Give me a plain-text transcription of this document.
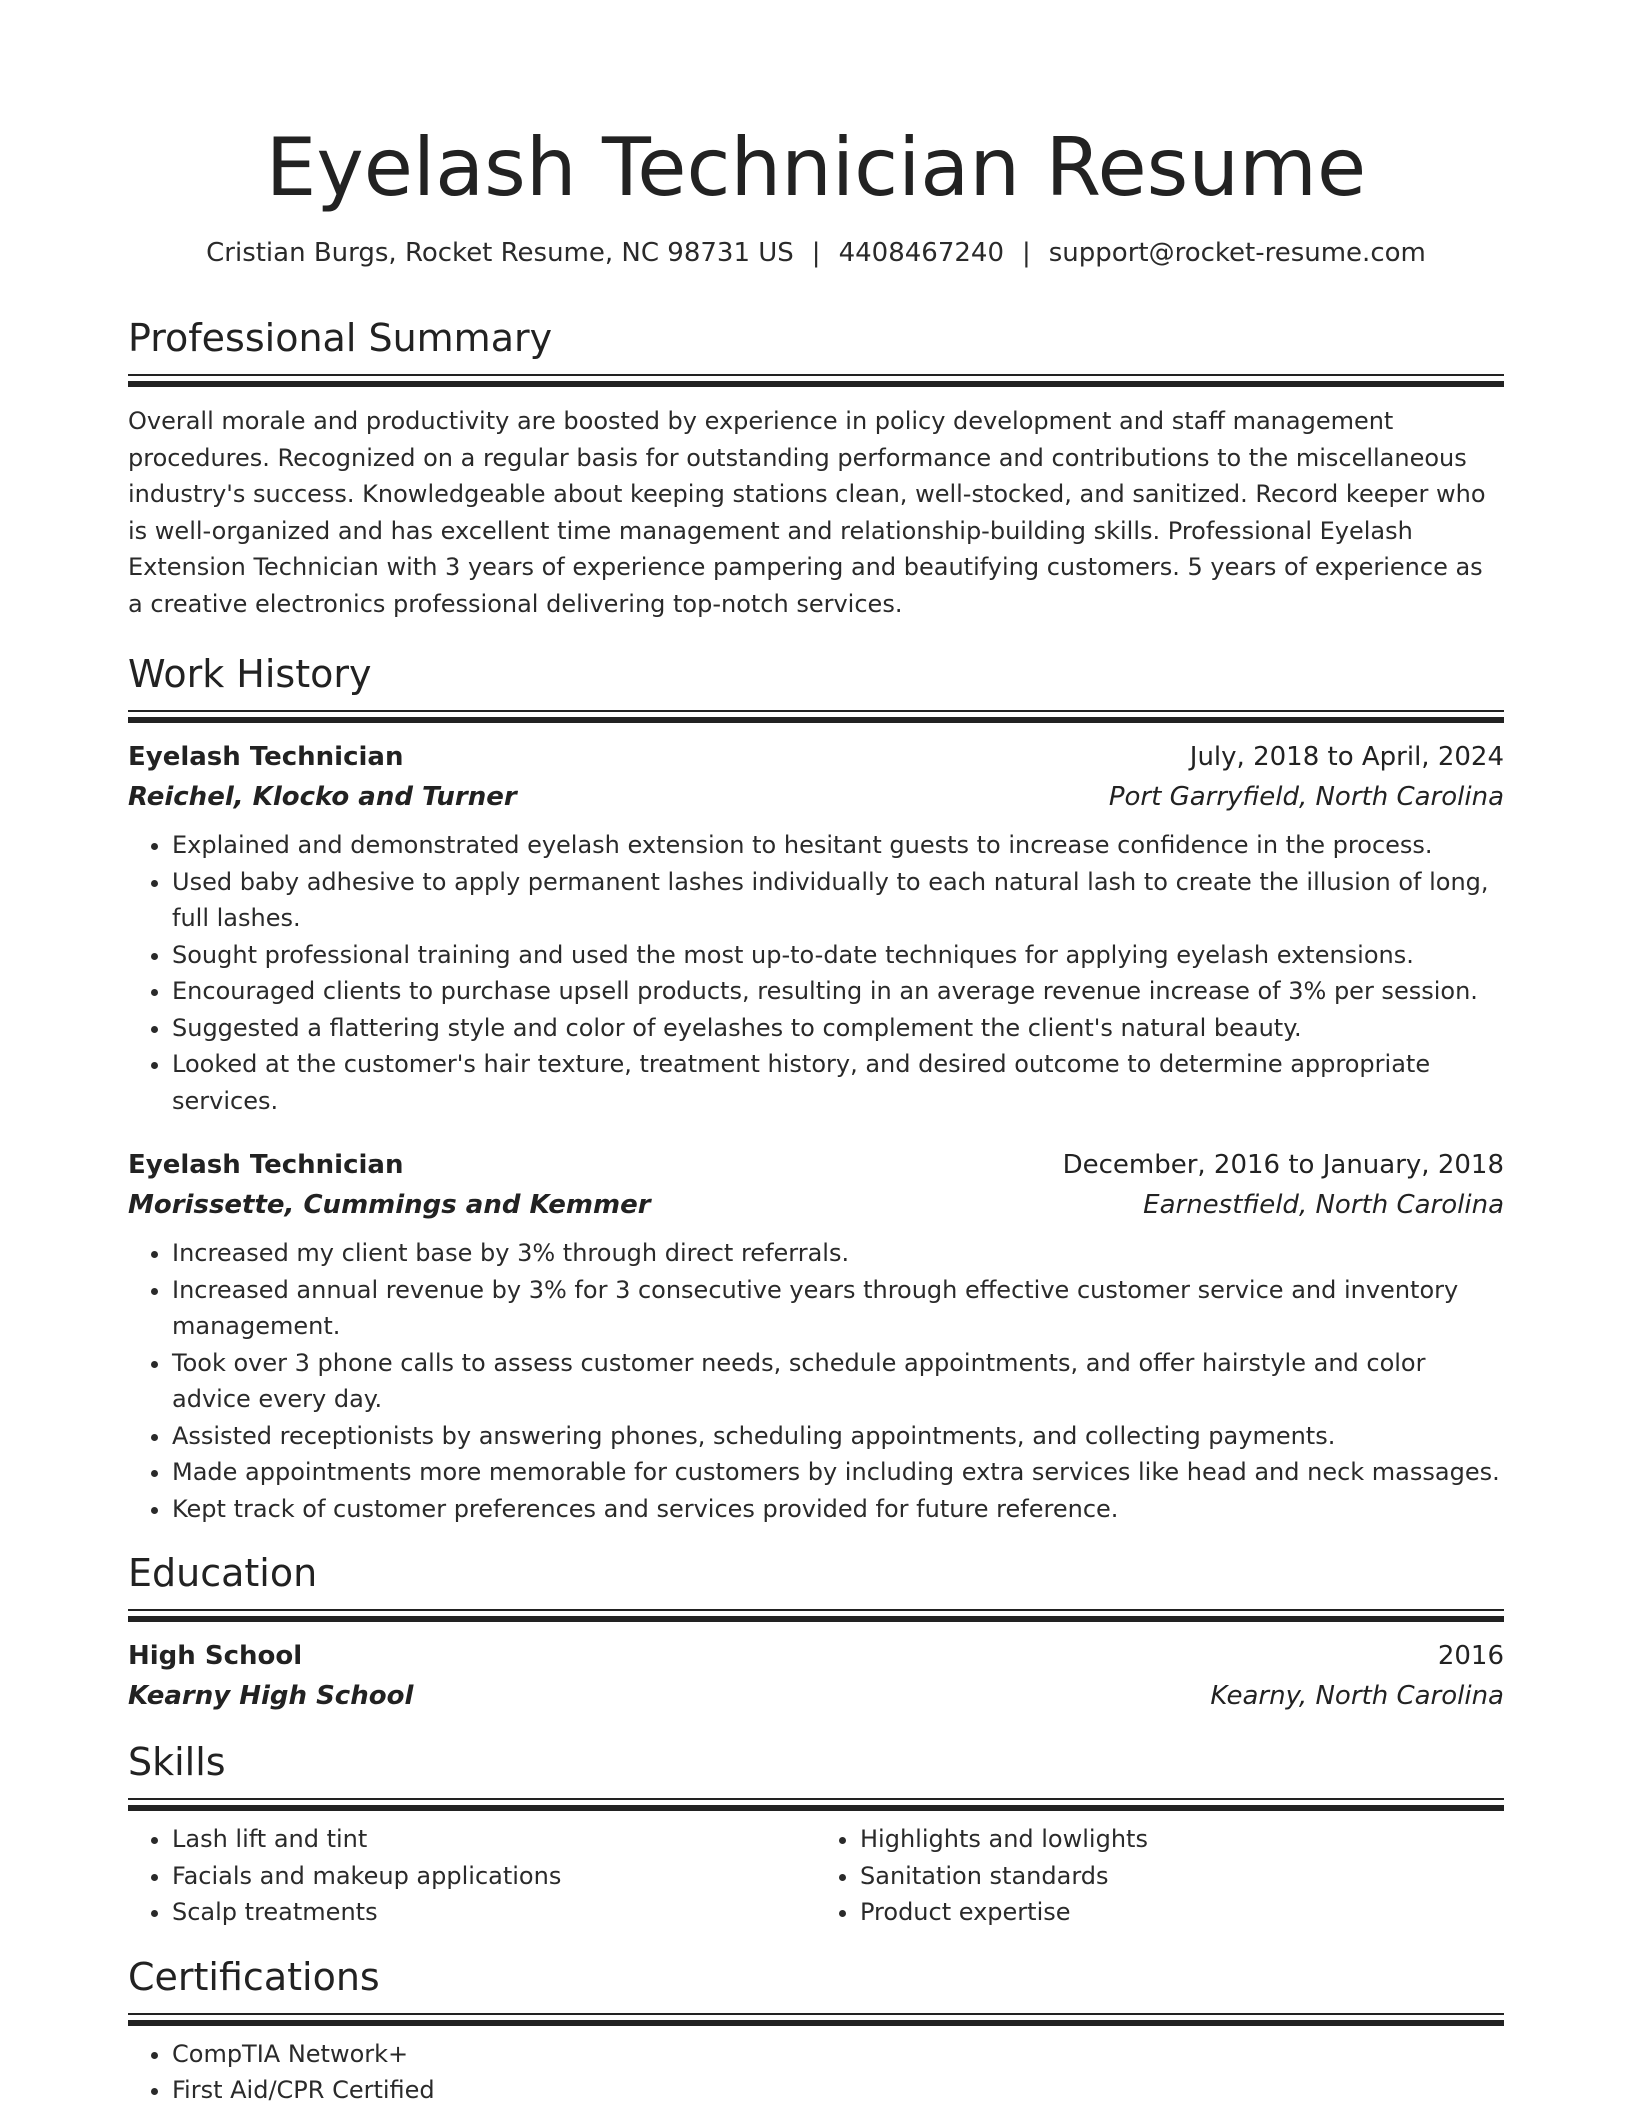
Eyelash Technician Resume
Cristian Burgs, Rocket Resume, NC 98731 US | 4408467240 | support@rocket-resume.com
Professional Summary
Overall morale and productivity are boosted by experience in policy development and staff management procedures. Recognized on a regular basis for outstanding performance and contributions to the miscellaneous industry's success. Knowledgeable about keeping stations clean, well-stocked, and sanitized. Record keeper who is well-organized and has excellent time management and relationship-building skills. Professional Eyelash Extension Technician with 3 years of experience pampering and beautifying customers. 5 years of experience as a creative electronics professional delivering top-notch services.
Work History
Eyelash Technician	July, 2018 to April, 2024
Reichel, Klocko and Turner	Port Garryfield, North Carolina
• Explained and demonstrated eyelash extension to hesitant guests to increase confidence in the process.
• Used baby adhesive to apply permanent lashes individually to each natural lash to create the illusion of long, full lashes.
• Sought professional training and used the most up-to-date techniques for applying eyelash extensions.
• Encouraged clients to purchase upsell products, resulting in an average revenue increase of 3% per session.
• Suggested a flattering style and color of eyelashes to complement the client's natural beauty.
• Looked at the customer's hair texture, treatment history, and desired outcome to determine appropriate services.
Eyelash Technician	December, 2016 to January, 2018
Morissette, Cummings and Kemmer	Earnestfield, North Carolina
• Increased my client base by 3% through direct referrals.
• Increased annual revenue by 3% for 3 consecutive years through effective customer service and inventory management.
• Took over 3 phone calls to assess customer needs, schedule appointments, and offer hairstyle and color advice every day.
• Assisted receptionists by answering phones, scheduling appointments, and collecting payments.
• Made appointments more memorable for customers by including extra services like head and neck massages.
• Kept track of customer preferences and services provided for future reference.
Education
High School	2016
Kearny High School	Kearny, North Carolina
Skills
• Lash lift and tint
• Facials and makeup applications
• Scalp treatments
• Highlights and lowlights
• Sanitation standards
• Product expertise
Certifications
• CompTIA Network+
• First Aid/CPR Certified
